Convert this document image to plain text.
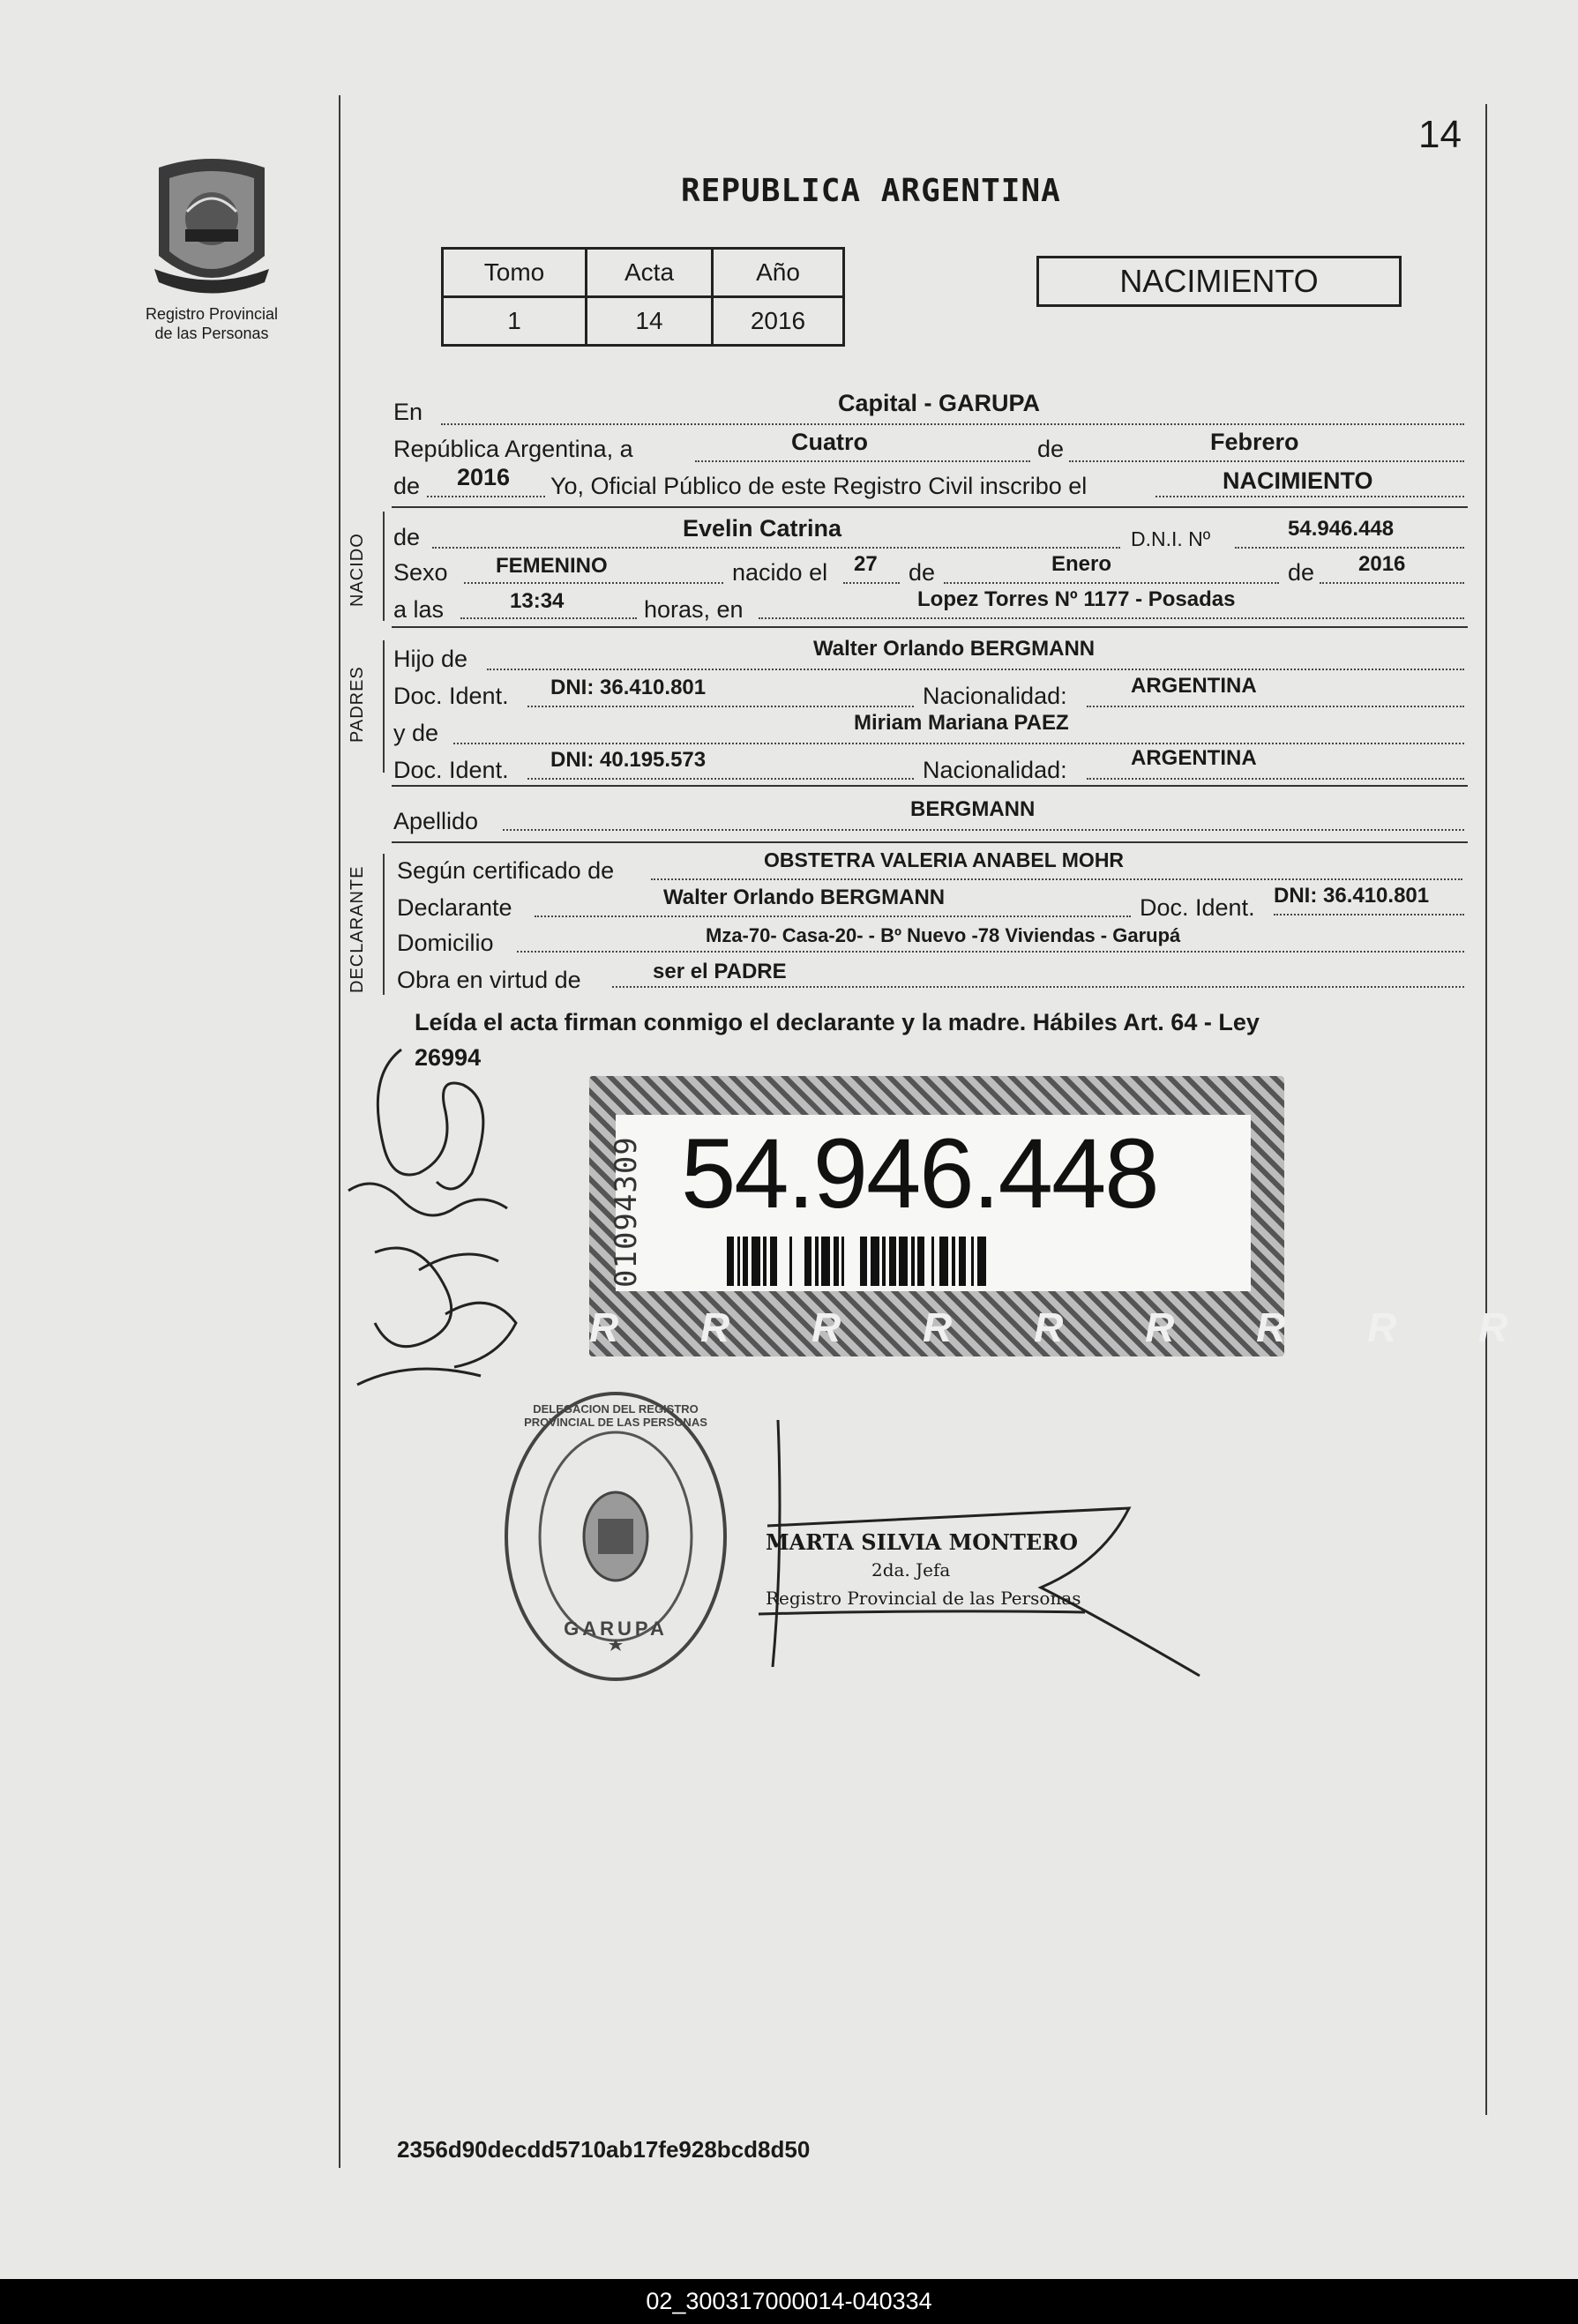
14
Registro Provincial
de las Personas
REPUBLICA ARGENTINA
Tomo	Acta	Año
1	14	2016
NACIMIENTO
En	Capital - GARUPA
República Argentina, a	Cuatro	de	Febrero
de 2016 Yo, Oficial Público de este Registro Civil inscribo el	NACIMIENTO
NACIDO de	Evelin Catrina	D.N.I. Nº	54.946.448
Sexo FEMENINO	nacido el 27 de	Enero	de 2016
a las	13:34	horas, en	Lopez Torres Nº 1177 - Posadas
PADRES
Hijo de	Walter Orlando BERGMANN
Doc. Ident. DNI: 36.410.801	Nacionalidad:	ARGENTINA
y de	Miriam Mariana PAEZ
Doc. Ident. DNI: 40.195.573	Nacionalidad:	ARGENTINA
Apellido	BERGMANN
DECLARANTE Según certificado de	OBSTETRA VALERIA ANABEL MOHR
Declarante	Walter Orlando BERGMANN	Doc. Ident. DNI: 36.410.801
Domicilio	Mza-70- Casa-20- - Bº Nuevo -78 Viviendas - Garupá
Obra en virtud de	ser el PADRE
Leída el acta firman conmigo el declarante y la madre. Hábiles Art. 64 - Ley
26994
01094309 54.946.448
R R R R R R R R R
DELEGACION DEL REGISTRO PROVINCIAL DE LAS PERSONAS
GARUPA
MARTA SILVIA MONTERO
2da. Jefa
Registro Provincial de las Personas
2356d90decdd5710ab17fe928bcd8d50
02_300317000014-040334
